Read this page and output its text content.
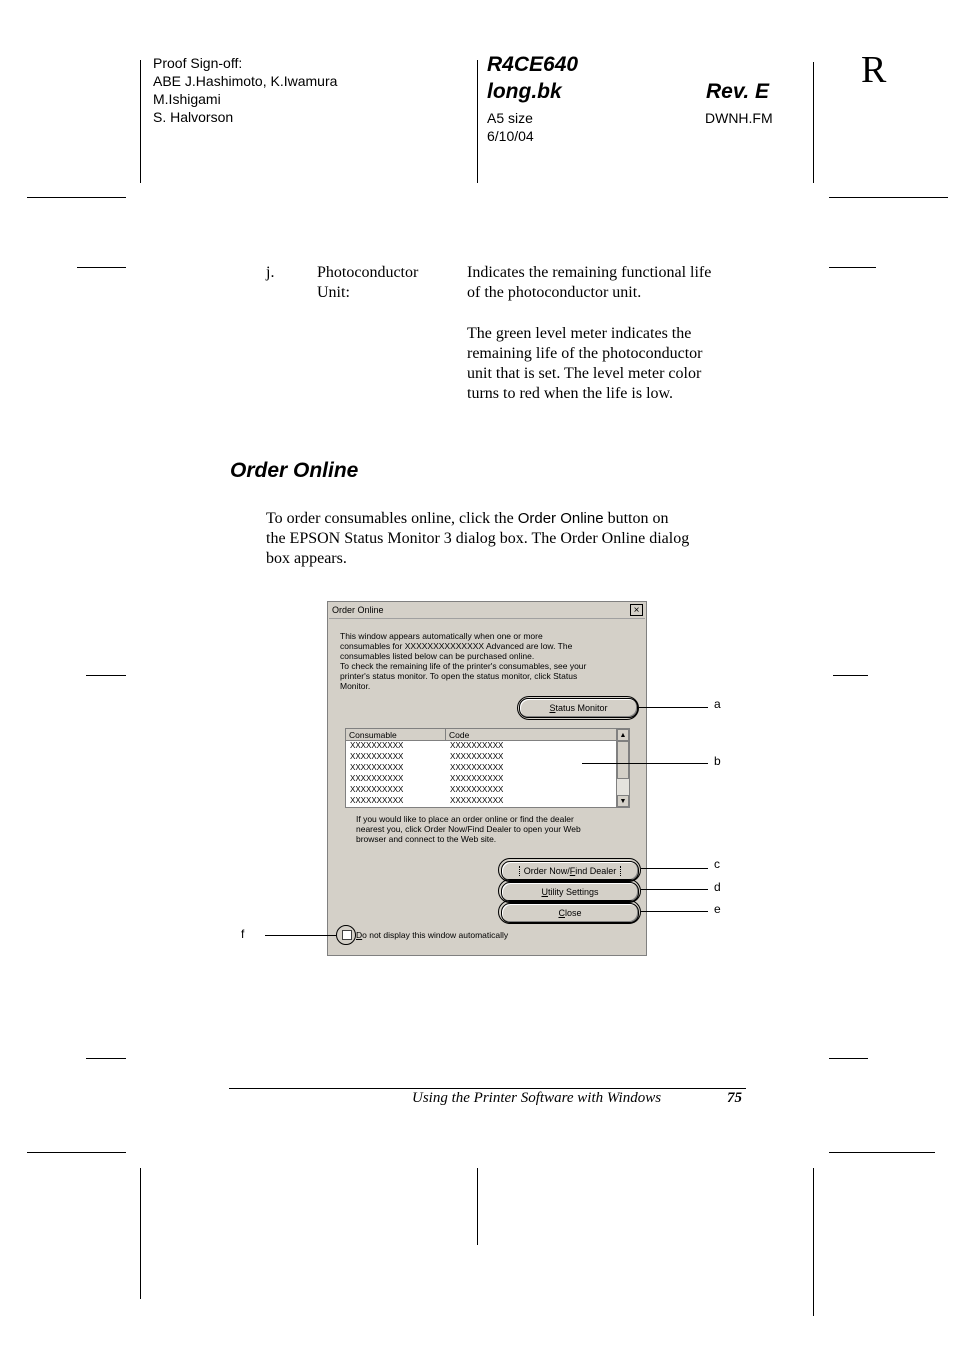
Proof Sign-off:
ABE J.Hashimoto, K.Iwamura
M.Ishigami
S. Halvorson
R4CE640
long.bk	Rev. E
A5 size
6/10/04
DWNH.FM
R
j.	Photoconductor
Unit:
Indicates the remaining functional life
of the photoconductor unit.
The green level meter indicates the
remaining life of the photoconductor
unit that is set. The level meter color
turns to red when the life is low.
Order Online
To order consumables online, click the Order Online button on
the EPSON Status Monitor 3 dialog box. The Order Online dialog
box appears.
Order Online	×
This window appears automatically when one or more
consumables for XXXXXXXXXXXXXX Advanced are low. The
consumables listed below can be purchased online.
To check the remaining life of the printer's consumables, see your
printer's status monitor. To open the status monitor, click Status
Monitor.
Status Monitor
Consumable	Code
XXXXXXXXXX	XXXXXXXXXX
XXXXXXXXXX	XXXXXXXXXX
XXXXXXXXXX	XXXXXXXXXX
XXXXXXXXXX	XXXXXXXXXX
XXXXXXXXXX	XXXXXXXXXX
XXXXXXXXXX	XXXXXXXXXX
▲
▼
If you would like to place an order online or find the dealer
nearest you, click Order Now/Find Dealer to open your Web
browser and connect to the Web site.
Order Now/Find Dealer
Utility Settings
Close
Do not display this window automatically
a
b
c
d
e
f
Using the Printer Software with Windows	75
